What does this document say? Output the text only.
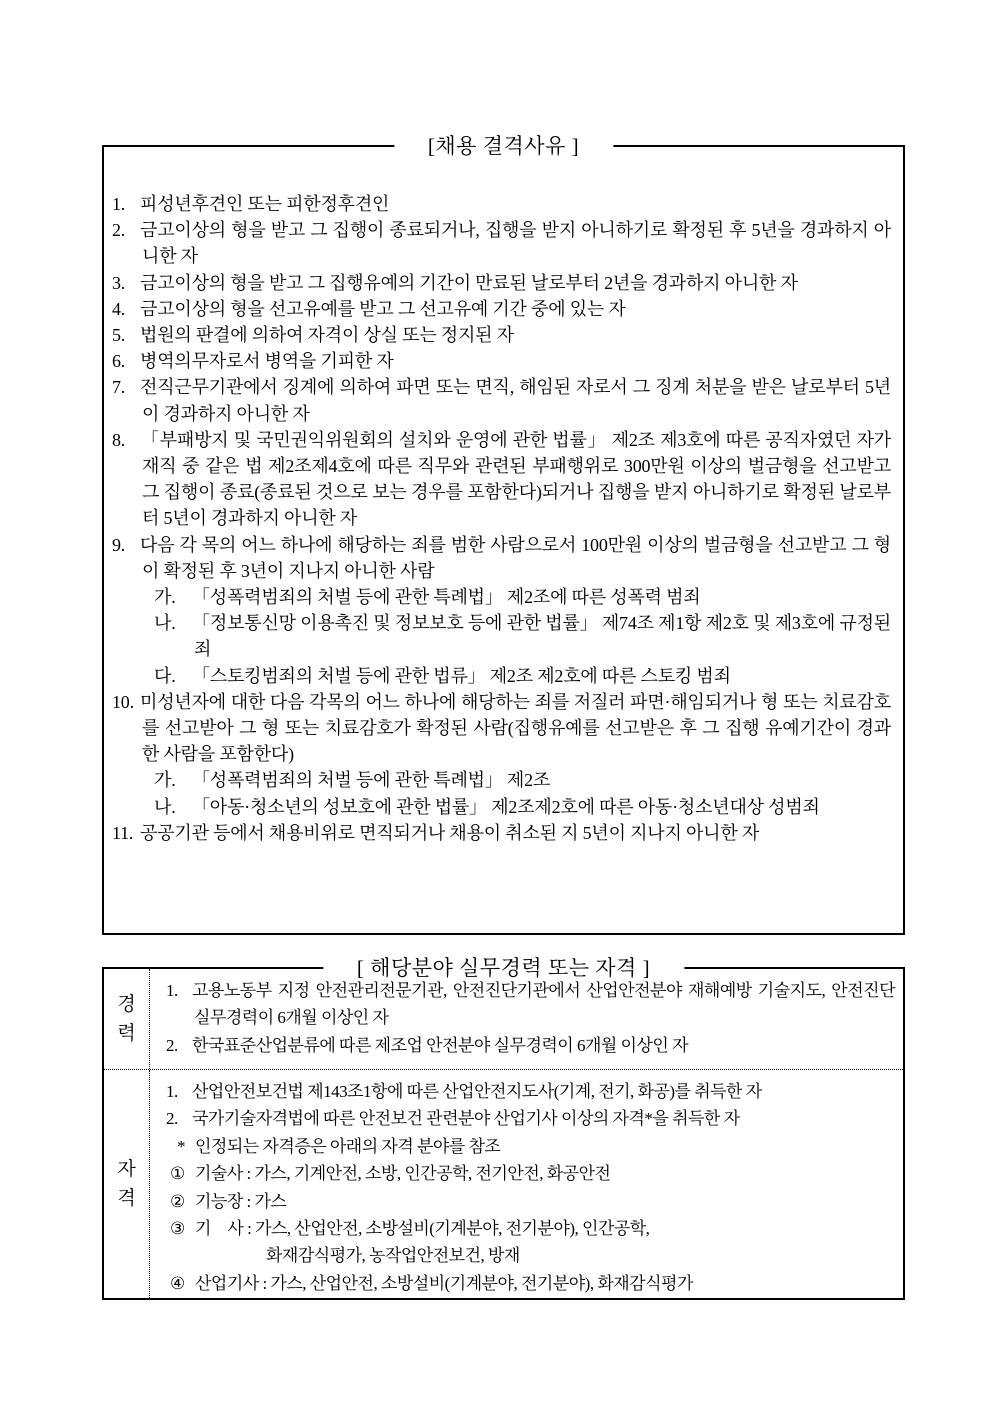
[채용 결격사유 ]
1. 피성년후견인 또는 피한정후견인
2. 금고이상의 형을 받고 그 집행이 종료되거나, 집행을 받지 아니하기로 확정된 후 5년을 경과하지 아니한 자
3. 금고이상의 형을 받고 그 집행유예의 기간이 만료된 날로부터 2년을 경과하지 아니한 자
4. 금고이상의 형을 선고유예를 받고 그 선고유예 기간 중에 있는 자
5. 법원의 판결에 의하여 자격이 상실 또는 정지된 자
6. 병역의무자로서 병역을 기피한 자
7. 전직근무기관에서 징계에 의하여 파면 또는 면직, 해임된 자로서 그 징계 처분을 받은 날로부터 5년이 경과하지 아니한 자
8. 「부패방지 및 국민권익위원회의 설치와 운영에 관한 법률」 제2조 제3호에 따른 공직자였던 자가 재직 중 같은 법 제2조제4호에 따른 직무와 관련된 부패행위로 300만원 이상의 벌금형을 선고받고 그 집행이 종료(종료된 것으로 보는 경우를 포함한다)되거나 집행을 받지 아니하기로 확정된 날로부터 5년이 경과하지 아니한 자
9. 다음 각 목의 어느 하나에 해당하는 죄를 범한 사람으로서 100만원 이상의 벌금형을 선고받고 그 형이 확정된 후 3년이 지나지 아니한 사람
가. 「성폭력범죄의 처벌 등에 관한 특례법」 제2조에 따른 성폭력 범죄
나. 「정보통신망 이용촉진 및 정보보호 등에 관한 법률」 제74조 제1항 제2호 및 제3호에 규정된 죄
다. 「스토킹범죄의 처벌 등에 관한 법류」 제2조 제2호에 따른 스토킹 범죄
10. 미성년자에 대한 다음 각목의 어느 하나에 해당하는 죄를 저질러 파면·해임되거나 형 또는 치료감호를 선고받아 그 형 또는 치료감호가 확정된 사람(집행유예를 선고받은 후 그 집행 유예기간이 경과한 사람을 포함한다)
가. 「성폭력범죄의 처벌 등에 관한 특례법」 제2조
나. 「아동·청소년의 성보호에 관한 법률」 제2조제2호에 따른 아동·청소년대상 성범죄
11. 공공기관 등에서 채용비위로 면직되거나 채용이 취소된 지 5년이 지나지 아니한 자
[ 해당분야 실무경력 또는 자격 ]
경력
1. 고용노동부 지정 안전관리전문기관, 안전진단기관에서 산업안전분야 재해예방 기술지도, 안전진단 실무경력이 6개월 이상인 자
2. 한국표준산업분류에 따른 제조업 안전분야 실무경력이 6개월 이상인 자
자격
1. 산업안전보건법 제143조1항에 따른 산업안전지도사(기계, 전기, 화공)를 취득한 자
2. 국가기술자격법에 따른 안전보건 관련분야 산업기사 이상의 자격*을 취득한 자
* 인정되는 자격증은 아래의 자격 분야를 참조
① 기술사 : 가스, 기계안전, 소방, 인간공학, 전기안전, 화공안전
② 기능장 : 가스
③ 기　사 : 가스, 산업안전, 소방설비(기계분야, 전기분야), 인간공학,
화재감식평가, 농작업안전보건, 방재
④ 산업기사 : 가스, 산업안전, 소방설비(기계분야, 전기분야), 화재감식평가
